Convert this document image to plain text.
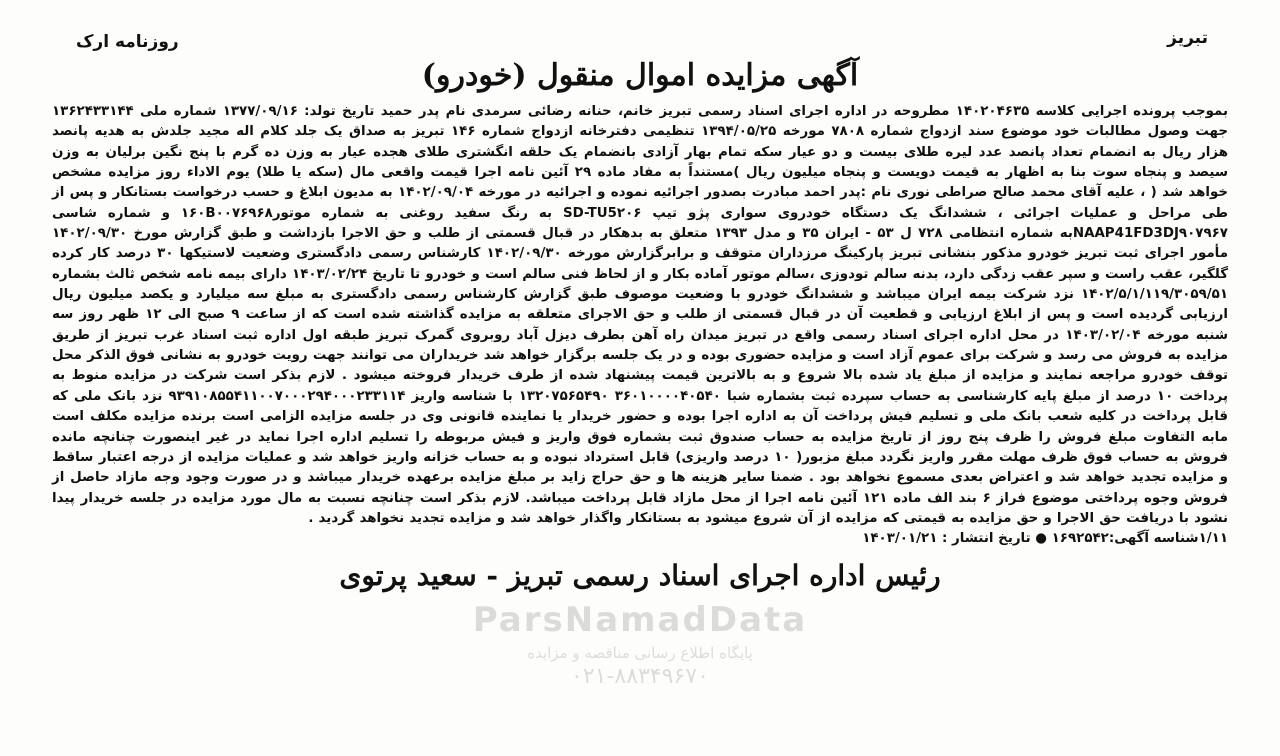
تبریز
روزنامه ارک
آگهی مزایده اموال منقول (خودرو)
بموجب پرونده اجرایی کلاسه ۱۴۰۲۰۴۶۳۵ مطروحه در اداره اجرای اسناد رسمی تبریز خانم، حنانه رضائی سرمدی نام پدر حمید تاریخ تولد: ۱۳۷۷/۰۹/۱۶ شماره ملی ۱۳۶۲۴۳۳۱۴۴ جهت وصول مطالبات خود موضوع سند ازدواج شماره ۷۸۰۸ مورخه ۱۳۹۴/۰۵/۲۵ تنظیمی دفترخانه ازدواج شماره ۱۴۶ تبریز به صداق یک جلد کلام اله مجید جلدش به هدیه پانصد هزار ریال به انضمام تعداد پانصد عدد لیره طلای بیست و دو عیار سکه تمام بهار آزادی بانضمام یک حلقه انگشتری طلای هجده عیار به وزن ده گرم با پنج نگین برلیان به وزن سیصد و پنجاه سوت بنا به اظهار به قیمت دویست و پنجاه میلیون ریال )مستنداً به مفاد ماده ۲۹ آئین نامه اجرا قیمت واقعی مال (سکه یا طلا) یوم الاداء روز مزایده مشخص خواهد شد ( ، علیه آقای محمد صالح صراطی نوری نام :پدر احمد مبادرت بصدور اجرائیه نموده و اجرائیه در مورخه ۱۴۰۲/۰۹/۰۴ به مدیون ابلاغ و حسب درخواست بستانکار و پس از طی مراحل و عملیات اجرائی ، ششدانگ یک دستگاه خودروی سواری پژو تیپ SD-TU5۲۰۶ به رنگ سفید روغنی به شماره موتور۱۶۰B۰۰۷۶۹۶۸ و شماره شاسی NAAP41FD3DJ۹۰۷۹۶۷به شماره انتظامی ۷۲۸ ل ۵۳ - ایران ۳۵ و مدل ۱۳۹۳ متعلق به بدهکار در قبال قسمتی از طلب و حق الاجرا بازداشت و طبق گزارش مورخ ۱۴۰۲/۰۹/۳۰ مأمور اجرای ثبت تبریز خودرو مذکور بنشانی تبریز پارکینگ مرزداران متوقف و برابرگزارش مورخه ۱۴۰۲/۰۹/۳۰ کارشناس رسمی دادگستری وضعیت لاستیکها ۳۰ درصد کار کرده گلگیر، عقب راست و سپر عقب زدگی دارد، بدنه سالم تودوزی ،سالم موتور آماده بکار و از لحاظ فنی سالم است و خودرو تا تاریخ ۱۴۰۳/۰۲/۲۴ دارای بیمه نامه شخص ثالث بشماره ۱۴۰۲/۵/۱/۱۱۹/۳۰۵۹/۵۱ نزد شرکت بیمه ایران میباشد و ششدانگ خودرو با وضعیت موصوف طبق گزارش کارشناس رسمی دادگستری به مبلغ سه میلیارد و یکصد میلیون ریال ارزیابی گردیده است و پس از ابلاغ ارزیابی و قطعیت آن در قبال قسمتی از طلب و حق الاجرای متعلقه به مزایده گذاشته شده است که از ساعت ۹ صبح الی ۱۲ ظهر روز سه شنبه مورخه ۱۴۰۳/۰۲/۰۴ در محل اداره اجرای اسناد رسمی واقع در تبریز میدان راه آهن بطرف دیزل آباد روبروی گمرک تبریز طبقه اول اداره ثبت اسناد غرب تبریز از طریق مزایده به فروش می رسد و شرکت برای عموم آزاد است و مزایده حضوری بوده و در یک جلسه برگزار خواهد شد خریداران می توانند جهت رویت خودرو به نشانی فوق الذکر محل توقف خودرو مراجعه نمایند و مزایده از مبلغ یاد شده بالا شروع و به بالاترین قیمت پیشنهاد شده از طرف خریدار فروخته میشود . لازم بذکر است شرکت در مزایده منوط به پرداخت ۱۰ درصد از مبلغ پایه کارشناسی به حساب سپرده ثبت بشماره شبا ۳۶۰۱۰۰۰۰۴۰۵۴۰ ۱۳۲۰۷۵۶۵۴۹۰ با شناسه واریز ۹۳۹۱۰۸۵۵۴۱۱۰۰۷۰۰۰۲۹۴۰۰۰۲۳۳۱۱۴ نزد بانک ملی که قابل پرداخت در کلیه شعب بانک ملی و تسلیم فیش پرداخت آن به اداره اجرا بوده و حضور خریدار یا نماینده قانونی وی در جلسه مزایده الزامی است برنده مزایده مکلف است مابه التفاوت مبلغ فروش را ظرف پنج روز از تاریخ مزایده به حساب صندوق ثبت بشماره فوق واریز و فیش مربوطه را تسلیم اداره اجرا نماید در غیر اینصورت چنانچه مانده فروش به حساب فوق ظرف مهلت مقرر واریز نگردد مبلغ مزبور( ۱۰ درصد واریزی) قابل استرداد نبوده و به حساب خزانه واریز خواهد شد و عملیات مزایده از درجه اعتبار ساقط و مزایده تجدید خواهد شد و اعتراض بعدی مسموع نخواهد بود . ضمنا سایر هزینه ها و حق حراج زاید بر مبلغ مزایده برعهده خریدار میباشد و در صورت وجود وجه مازاد حاصل از فروش وجوه پرداختی موضوع فراز ۶ بند الف ماده ۱۲۱ آئین نامه اجرا از محل مازاد قابل پرداخت میباشد. لازم بذکر است چنانچه نسبت به مال مورد مزایده در جلسه خریدار پیدا نشود با دریافت حق الاجرا و حق مزایده به قیمتی که مزایده از آن شروع میشود به بستانکار واگذار خواهد شد و مزایده تجدید نخواهد گردید .
۱/۱۱شناسه آگهی:۱۶۹۲۵۴۲ ● تاریخ انتشار : ۱۴۰۳/۰۱/۲۱
رئیس اداره اجرای اسناد رسمی تبریز - سعید پرتوی
